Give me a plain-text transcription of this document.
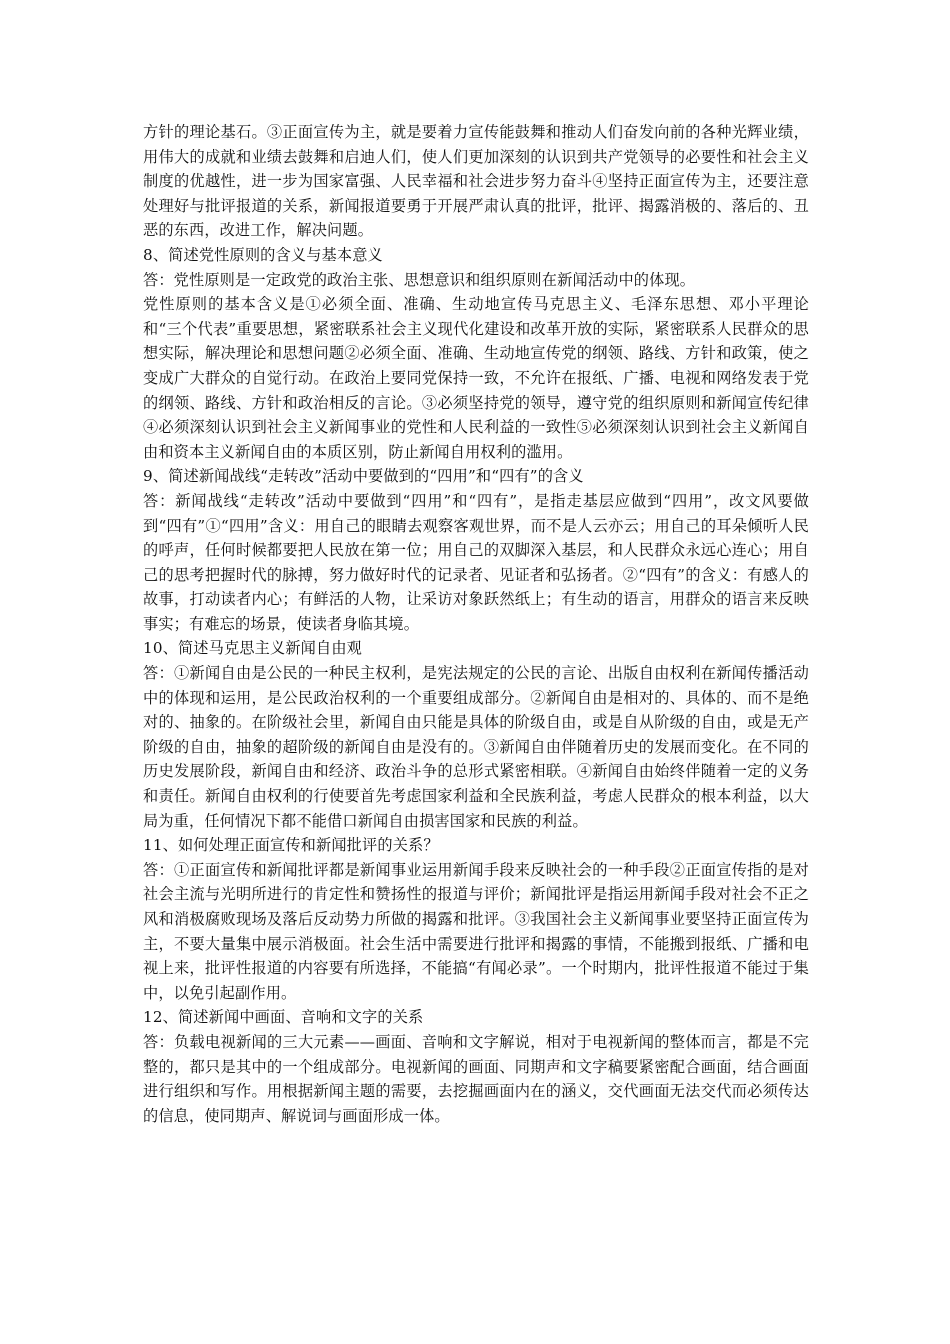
方针的理论基石。③正面宣传为主，就是要着力宣传能鼓舞和推动人们奋发向前的各种光辉业绩，用伟大的成就和业绩去鼓舞和启迪人们，使人们更加深刻的认识到共产党领导的必要性和社会主义制度的优越性，进一步为国家富强、人民幸福和社会进步努力奋斗④坚持正面宣传为主，还要注意处理好与批评报道的关系，新闻报道要勇于开展严肃认真的批评，批评、揭露消极的、落后的、丑恶的东西，改进工作，解决问题。

8、简述党性原则的含义与基本意义

答：党性原则是一定政党的政治主张、思想意识和组织原则在新闻活动中的体现。

党性原则的基本含义是①必须全面、准确、生动地宣传马克思主义、毛泽东思想、邓小平理论和“三个代表”重要思想，紧密联系社会主义现代化建设和改革开放的实际，紧密联系人民群众的思想实际，解决理论和思想问题②必须全面、准确、生动地宣传党的纲领、路线、方针和政策，使之变成广大群众的自觉行动。在政治上要同党保持一致，不允许在报纸、广播、电视和网络发表于党的纲领、路线、方针和政治相反的言论。③必须坚持党的领导，遵守党的组织原则和新闻宣传纪律④必须深刻认识到社会主义新闻事业的党性和人民利益的一致性⑤必须深刻认识到社会主义新闻自由和资本主义新闻自由的本质区别，防止新闻自用权利的滥用。

9、简述新闻战线“走转改”活动中要做到的“四用”和“四有”的含义

答：新闻战线“走转改”活动中要做到“四用”和“四有”，是指走基层应做到“四用”，改文风要做到“四有”①“四用”含义：用自己的眼睛去观察客观世界，而不是人云亦云；用自己的耳朵倾听人民的呼声，任何时候都要把人民放在第一位；用自己的双脚深入基层，和人民群众永远心连心；用自己的思考把握时代的脉搏，努力做好时代的记录者、见证者和弘扬者。②“四有”的含义：有感人的故事，打动读者内心；有鲜活的人物，让采访对象跃然纸上；有生动的语言，用群众的语言来反映事实；有难忘的场景，使读者身临其境。

10、简述马克思主义新闻自由观

答：①新闻自由是公民的一种民主权利，是宪法规定的公民的言论、出版自由权利在新闻传播活动中的体现和运用，是公民政治权利的一个重要组成部分。②新闻自由是相对的、具体的、而不是绝对的、抽象的。在阶级社会里，新闻自由只能是具体的阶级自由，或是自从阶级的自由，或是无产阶级的自由，抽象的超阶级的新闻自由是没有的。③新闻自由伴随着历史的发展而变化。在不同的历史发展阶段，新闻自由和经济、政治斗争的总形式紧密相联。④新闻自由始终伴随着一定的义务和责任。新闻自由权利的行使要首先考虑国家利益和全民族利益，考虑人民群众的根本利益，以大局为重，任何情况下都不能借口新闻自由损害国家和民族的利益。

11、如何处理正面宣传和新闻批评的关系？

答：①正面宣传和新闻批评都是新闻事业运用新闻手段来反映社会的一种手段②正面宣传指的是对社会主流与光明所进行的肯定性和赞扬性的报道与评价；新闻批评是指运用新闻手段对社会不正之风和消极腐败现场及落后反动势力所做的揭露和批评。③我国社会主义新闻事业要坚持正面宣传为主，不要大量集中展示消极面。社会生活中需要进行批评和揭露的事情，不能搬到报纸、广播和电视上来，批评性报道的内容要有所选择，不能搞“有闻必录”。一个时期内，批评性报道不能过于集中，以免引起副作用。

12、简述新闻中画面、音响和文字的关系

答：负载电视新闻的三大元素——画面、音响和文字解说，相对于电视新闻的整体而言，都是不完整的，都只是其中的一个组成部分。电视新闻的画面、同期声和文字稿要紧密配合画面，结合画面进行组织和写作。用根据新闻主题的需要，去挖掘画面内在的涵义，交代画面无法交代而必须传达的信息，使同期声、解说词与画面形成一体。
